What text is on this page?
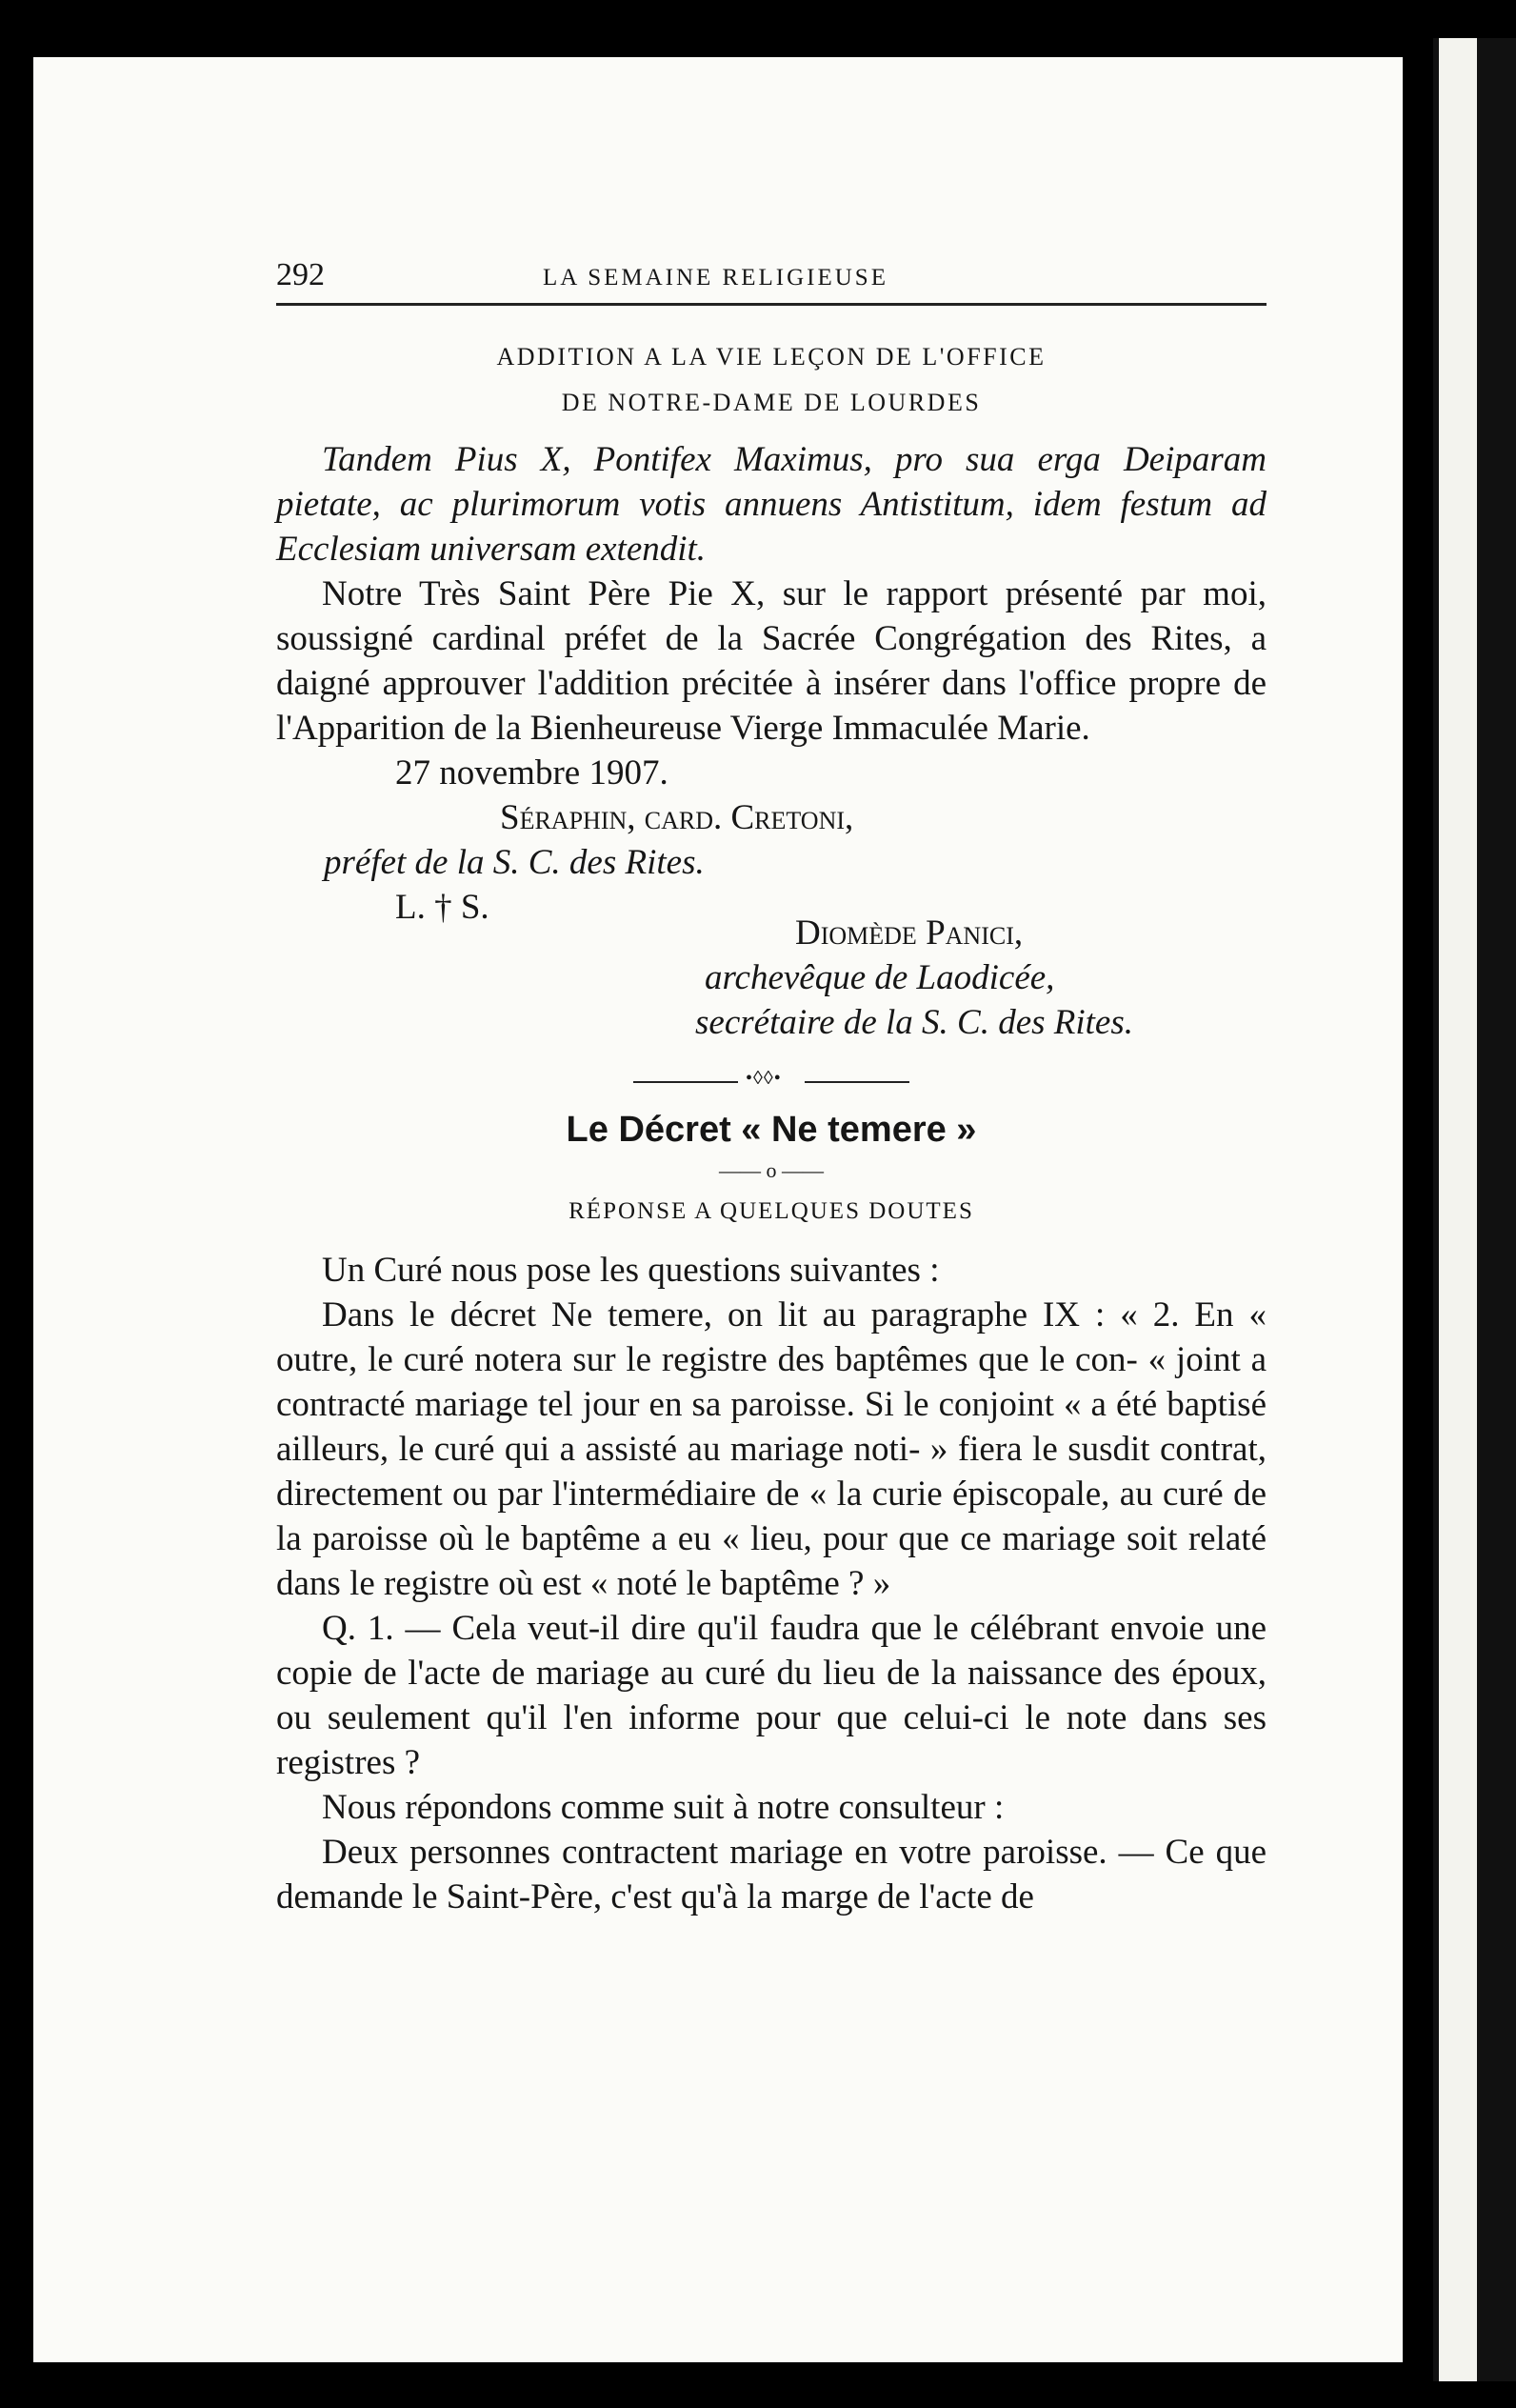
292	LA SEMAINE RELIGIEUSE
ADDITION A LA VIE LEÇON DE L'OFFICE
DE NOTRE-DAME DE LOURDES

Tandem Pius X, Pontifex Maximus, pro sua erga Deiparam pietate, ac plurimorum votis annuens Antistitum, idem festum ad Ecclesiam universam extendit.

Notre Très Saint Père Pie X, sur le rapport présenté par moi, soussigné cardinal préfet de la Sacrée Congrégation des Rites, a daigné approuver l'addition précitée à insérer dans l'office propre de l'Apparition de la Bienheureuse Vierge Immaculée Marie.

27 novembre 1907.
Séraphin, card. Cretoni,
préfet de la S. C. des Rites.
L. † S.
Diomède Panici,
archevêque de Laodicée,
secrétaire de la S. C. des Rites.
•◊◊•
Le Décret « Ne temere »
—— o ——
RÉPONSE A QUELQUES DOUTES

Un Curé nous pose les questions suivantes :

Dans le décret Ne temere, on lit au paragraphe IX : « 2. En « outre, le curé notera sur le registre des baptêmes que le con- « joint a contracté mariage tel jour en sa paroisse. Si le conjoint « a été baptisé ailleurs, le curé qui a assisté au mariage noti- » fiera le susdit contrat, directement ou par l'intermédiaire de « la curie épiscopale, au curé de la paroisse où le baptême a eu « lieu, pour que ce mariage soit relaté dans le registre où est « noté le baptême ? »

Q. 1. — Cela veut-il dire qu'il faudra que le célébrant envoie une copie de l'acte de mariage au curé du lieu de la naissance des époux, ou seulement qu'il l'en informe pour que celui-ci le note dans ses registres ?

Nous répondons comme suit à notre consulteur :

Deux personnes contractent mariage en votre paroisse. — Ce que demande le Saint-Père, c'est qu'à la marge de l'acte de
